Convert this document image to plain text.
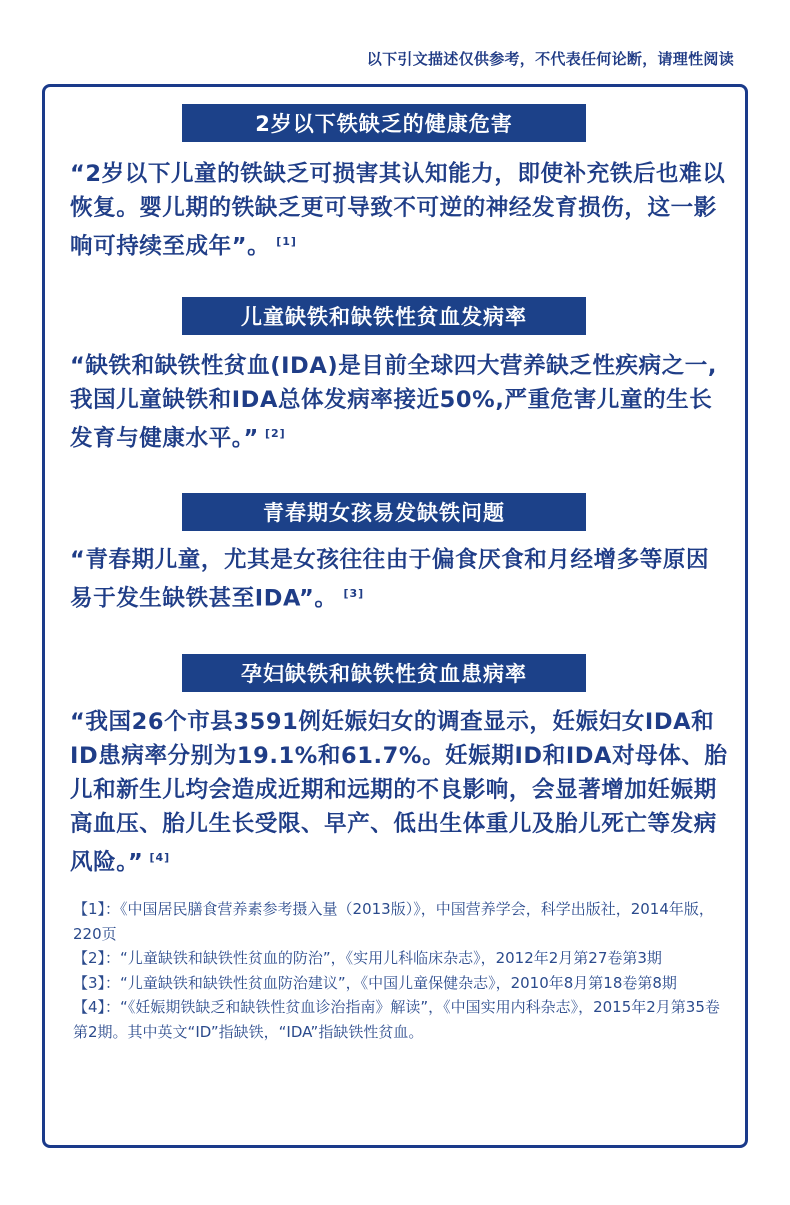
以下引文描述仅供参考，不代表任何论断，请理性阅读
2岁以下铁缺乏的健康危害
“2岁以下儿童的铁缺乏可损害其认知能力，即使补充铁后也难以恢复。婴儿期的铁缺乏更可导致不可逆的神经发育损伤，这一影响可持续至成年”。 [1]
儿童缺铁和缺铁性贫血发病率
“缺铁和缺铁性贫血(IDA)是目前全球四大营养缺乏性疾病之一,我国儿童缺铁和IDA总体发病率接近50%,严重危害儿童的生长发育与健康水平。” [2]
青春期女孩易发缺铁问题
“青春期儿童，尤其是女孩往往由于偏食厌食和月经增多等原因易于发生缺铁甚至IDA”。 [3]
孕妇缺铁和缺铁性贫血患病率
“我国26个市县3591例妊娠妇女的调查显示，妊娠妇女IDA和ID患病率分别为19.1%和61.7%。妊娠期ID和IDA对母体、胎儿和新生儿均会造成近期和远期的不良影响，会显著增加妊娠期高血压、胎儿生长受限、早产、低出生体重儿及胎儿死亡等发病风险。” [4]
【1】：《中国居民膳食营养素参考摄入量（2013版）》，中国营养学会，科学出版社，2014年版，220页
【2】：“儿童缺铁和缺铁性贫血的防治”，《实用儿科临床杂志》，2012年2月第27卷第3期
【3】：“儿童缺铁和缺铁性贫血防治建议”，《中国儿童保健杂志》，2010年8月第18卷第8期
【4】：“《妊娠期铁缺乏和缺铁性贫血诊治指南》解读”，《中国实用内科杂志》，2015年2月第35卷第2期。其中英文“ID”指缺铁，“IDA”指缺铁性贫血。
